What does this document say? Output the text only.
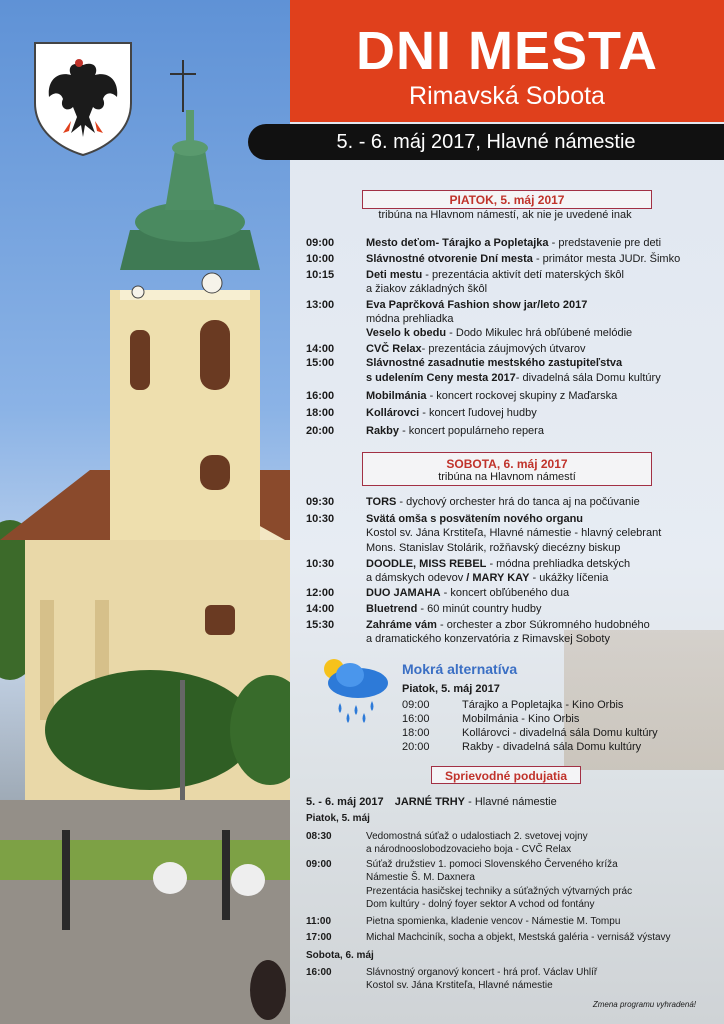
DNI MESTA
Rimavská Sobota
5. - 6. máj 2017, Hlavné námestie
PIATOK, 5. máj 2017
tribúna na Hlavnom námestí, ak nie je uvedené inak
09:00	Mesto deťom- Tárajko a Popletajka - predstavenie pre deti
10:00	Slávnostné otvorenie Dní mesta - primátor mesta JUDr. Šimko
10:15	Deti mestu - prezentácia aktivít detí materských škôl
a žiakov základných škôl
13:00	Eva Paprčková Fashion show jar/leto 2017
módna prehliadka
Veselo k obedu - Dodo Mikulec hrá obľúbené melódie
14:00	CVČ Relax- prezentácia záujmových útvarov
15:00	Slávnostné zasadnutie mestského zastupiteľstva
s udelením Ceny mesta 2017- divadelná sála Domu kultúry
16:00	Mobilmánia - koncert rockovej skupiny z Maďarska
18:00	Kollárovci - koncert ľudovej hudby
20:00	Rakby - koncert populárneho repera
SOBOTA, 6. máj 2017
tribúna na Hlavnom námestí
09:30	TORS - dychový orchester hrá do tanca aj na počúvanie
10:30	Svätá omša s posvätením nového organu
Kostol sv. Jána Krstiteľa, Hlavné námestie - hlavný celebrant
Mons. Stanislav Stolárik, rožňavský diecézny biskup
10:30	DOODLE, MISS REBEL - módna prehliadka detských
a dámskych odevov / MARY KAY - ukážky líčenia
12:00	DUO JAMAHA - koncert obľúbeného dua
14:00	Bluetrend - 60 minút country hudby
15:30	Zahráme vám - orchester a zbor Súkromného hudobného
a dramatického konzervatória z Rimavskej Soboty
Mokrá alternatíva
Piatok, 5. máj 2017
09:00	Tárajko a Popletajka - Kino Orbis
16:00	Mobilmánia - Kino Orbis
18:00	Kollárovci - divadelná sála Domu kultúry
20:00	Rakby - divadelná sála Domu kultúry
Sprievodné podujatia
5. - 6. máj 2017 JARNÉ TRHY - Hlavné námestie
Piatok, 5. máj
08:30	Vedomostná súťaž o udalostiach 2. svetovej vojny
a národnooslobodzovacieho boja - CVČ Relax
09:00	Súťaž družstiev 1. pomoci Slovenského Červeného kríža
Námestie Š. M. Daxnera
Prezentácia hasičskej techniky a súťažných výtvarných prác
Dom kultúry - dolný foyer sektor A vchod od fontány
11:00	Pietna spomienka, kladenie vencov - Námestie M. Tompu
17:00	Michal Machciník, socha a objekt, Mestská galéria - vernisáž výstavy
Sobota, 6. máj
16:00	Slávnostný organový koncert - hrá prof. Václav Uhlíř
Kostol sv. Jána Krstiteľa, Hlavné námestie
Zmena programu vyhradená!
